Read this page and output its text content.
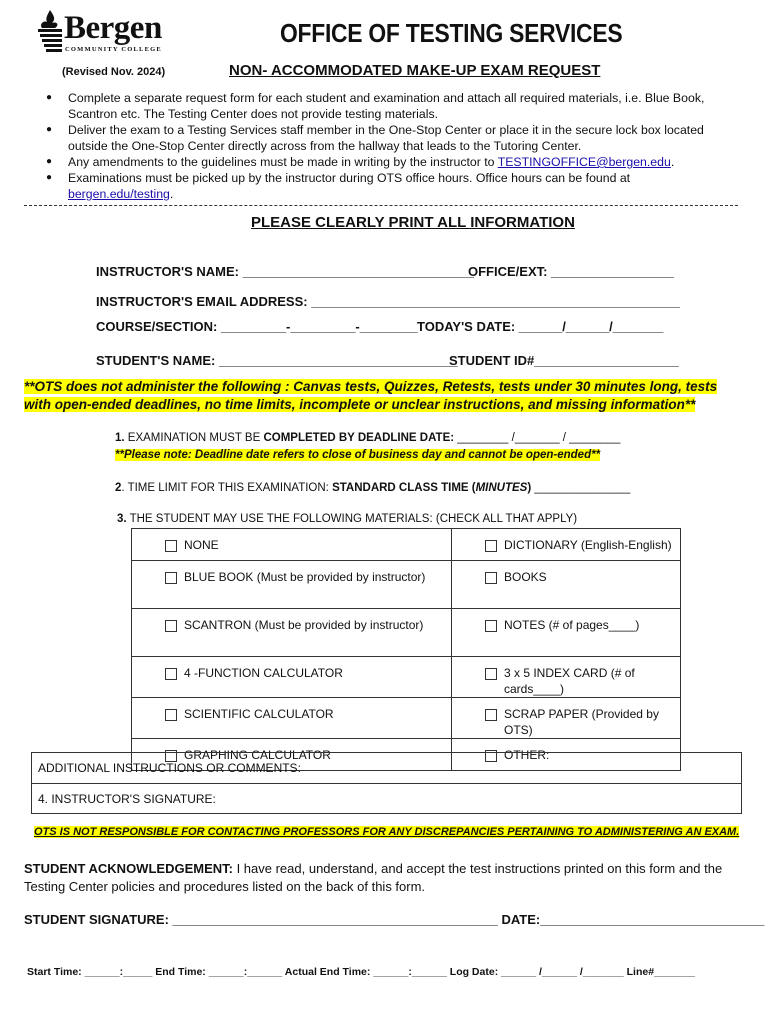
Bergen
COMMUNITY COLLEGE
OFFICE OF TESTING SERVICES
(Revised Nov. 2024)	NON- ACCOMMODATED MAKE-UP EXAM REQUEST
● Complete a separate request form for each student and examination and attach all required materials, i.e. Blue Book, Scantron etc. The Testing Center does not provide testing materials.
● Deliver the exam to a Testing Services staff member in the One-Stop Center or place it in the secure lock box located outside the One-Stop Center directly across from the hallway that leads to the Tutoring Center.
● Any amendments to the guidelines must be made in writing by the instructor to TESTINGOFFICE@bergen.edu.
● Examinations must be picked up by the instructor during OTS office hours. Office hours can be found at bergen.edu/testing.
PLEASE CLEARLY PRINT ALL INFORMATION
INSTRUCTOR'S NAME: ________________________________
OFFICE/EXT: _________________
INSTRUCTOR'S EMAIL ADDRESS: ___________________________________________________
COURSE/SECTION: _________-_________-________ TODAY'S DATE: ______/______/_______
STUDENT'S NAME: _________________________________
STUDENT ID#____________________
**OTS does not administer the following : Canvas tests, Quizzes, Retests, tests under 30 minutes long, tests with open-ended deadlines, no time limits, incomplete or unclear instructions, and missing information**
1. EXAMINATION MUST BE COMPLETED BY DEADLINE DATE: ________ /_______ / ________
**Please note: Deadline date refers to close of business day and cannot be open-ended**
2. TIME LIMIT FOR THIS EXAMINATION: STANDARD CLASS TIME (MINUTES) _______________
3. THE STUDENT MAY USE THE FOLLOWING MATERIALS: (CHECK ALL THAT APPLY)
NONE	DICTIONARY (English-English)

BLUE BOOK (Must be provided by instructor)	BOOKS

SCANTRON (Must be provided by instructor)	NOTES (# of pages____)

4 -FUNCTION CALCULATOR	3 x 5 INDEX CARD (# of cards____)

SCIENTIFIC CALCULATOR	SCRAP PAPER (Provided by OTS)

GRAPHING CALCULATOR	OTHER:
ADDITIONAL INSTRUCTIONS OR COMMENTS:
4. INSTRUCTOR'S SIGNATURE:
OTS IS NOT RESPONSIBLE FOR CONTACTING PROFESSORS FOR ANY DISCREPANCIES PERTAINING TO ADMINISTERING AN EXAM.
STUDENT ACKNOWLEDGEMENT: I have read, understand, and accept the test instructions printed on this form and the Testing Center policies and procedures listed on the back of this form.
STUDENT SIGNATURE: _____________________________________________ DATE:_______________________________
Start Time: ______:_____ End Time: ______:______ Actual End Time: ______:______ Log Date: ______ /______ /_______ Line#_______
